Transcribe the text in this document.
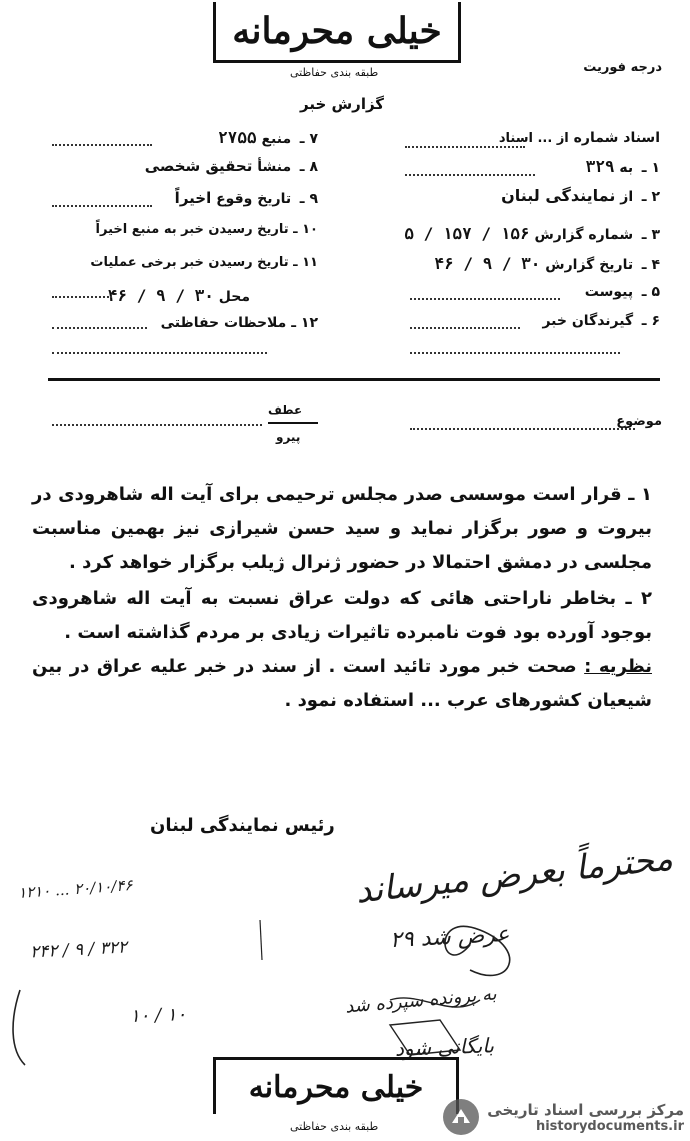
خیلی محرمانه
طبقه بندی حفاظتی	درجه فوریت
گزارش خبر
اسناد شماره از ... اسناد
۱ ـ به ۳۲۹
۲ ـ از نمایندگی لبنان
۳ ـ شماره گزارش ۱۵۶ / ۱۵۷ / ۵
۴ ـ تاریخ گزارش ۳۰ / ۹ / ۴۶
۵ ـ پیوست
۶ ـ گیرندگان خبر
۷ ـ منبع ۲۷۵۵
۸ ـ منشأ تحقیق شخصی
۹ ـ تاریخ وقوع اخیراً
۱۰ ـ تاریخ رسیدن خبر به منبع اخیراً
۱۱ ـ تاریخ رسیدن خبر برخی عملیات
محل ۳۰ / ۹ / ۴۶
۱۲ ـ ملاحظات حفاظتی
موضوع
عطف
پیرو

۱ ـ قرار است موسسی صدر مجلس ترحیمی برای آیت اله شاهرودی در بیروت و صور برگزار نماید و سید حسن شیرازی نیز بهمین مناسبت مجلسی در دمشق احتمالا در حضور ژنرال ژیلب برگزار خواهد کرد .

۲ ـ بخاطر ناراحتی هائی که دولت عراق نسبت به آیت اله شاهرودی بوجود آورده بود فوت نامبرده تاثیرات زیادی بر مردم گذاشته است .

نظریه : صحت خبر مورد تائید است . از سند در خبر علیه عراق در بین شیعیان کشورهای عرب ... استفاده نمود .

رئیس نمایندگی لبنان
محترماً بعرض میرساند
عرض شد ۲۹
به پرونده سپرده شد
بایگانی شود
۲۰/۱۰/۴۶ ... ۱۲۱۰
۳۲۲ / ۹ / ۲۴۲
۱۰ / ۱۰
خیلی محرمانه
طبقه بندی حفاظتی
مرکز بررسی اسناد تاریخی
historydocuments.ir
